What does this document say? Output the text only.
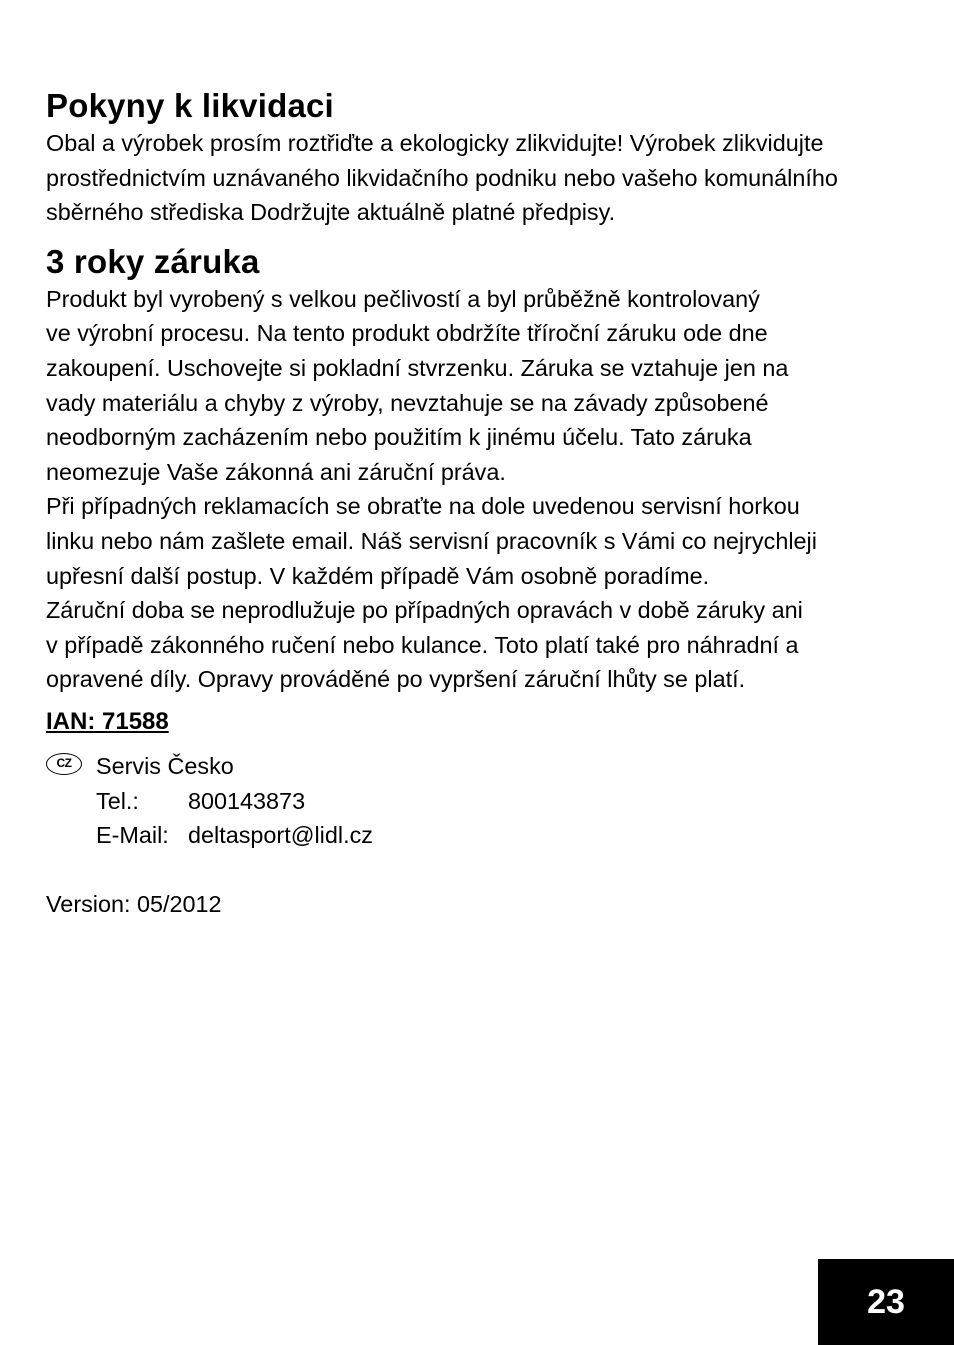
Pokyny k likvidaci

Obal a výrobek prosím roztřiďte a ekologicky zlikvidujte! Výrobek zlikvidujte
prostřednictvím uznávaného likvidačního podniku nebo vašeho komunálního
sběrného střediska Dodržujte aktuálně platné předpisy.

3 roky záruka

Produkt byl vyrobený s velkou pečlivostí a byl průběžně kontrolovaný
ve výrobní procesu. Na tento produkt obdržíte tříroční záruku ode dne
zakoupení. Uschovejte si pokladní stvrzenku. Záruka se vztahuje jen na
vady materiálu a chyby z výroby, nevztahuje se na závady způsobené
neodborným zacházením nebo použitím k jinému účelu. Tato záruka
neomezuje Vaše zákonná ani záruční práva.
Při případných reklamacích se obraťte na dole uvedenou servisní horkou
linku nebo nám zašlete email. Náš servisní pracovník s Vámi co nejrychleji
upřesní další postup. V každém případě Vám osobně poradíme.
Záruční doba se neprodlužuje po případných opravách v době záruky ani
v případě zákonného ručení nebo kulance. Toto platí také pro náhradní a
opravené díly. Opravy prováděné po vypršení záruční lhůty se platí.

IAN: 71588
CZ	Servis Česko
Tel.:	800143873
E-Mail: deltasport@lidl.cz
Version: 05/2012
23
